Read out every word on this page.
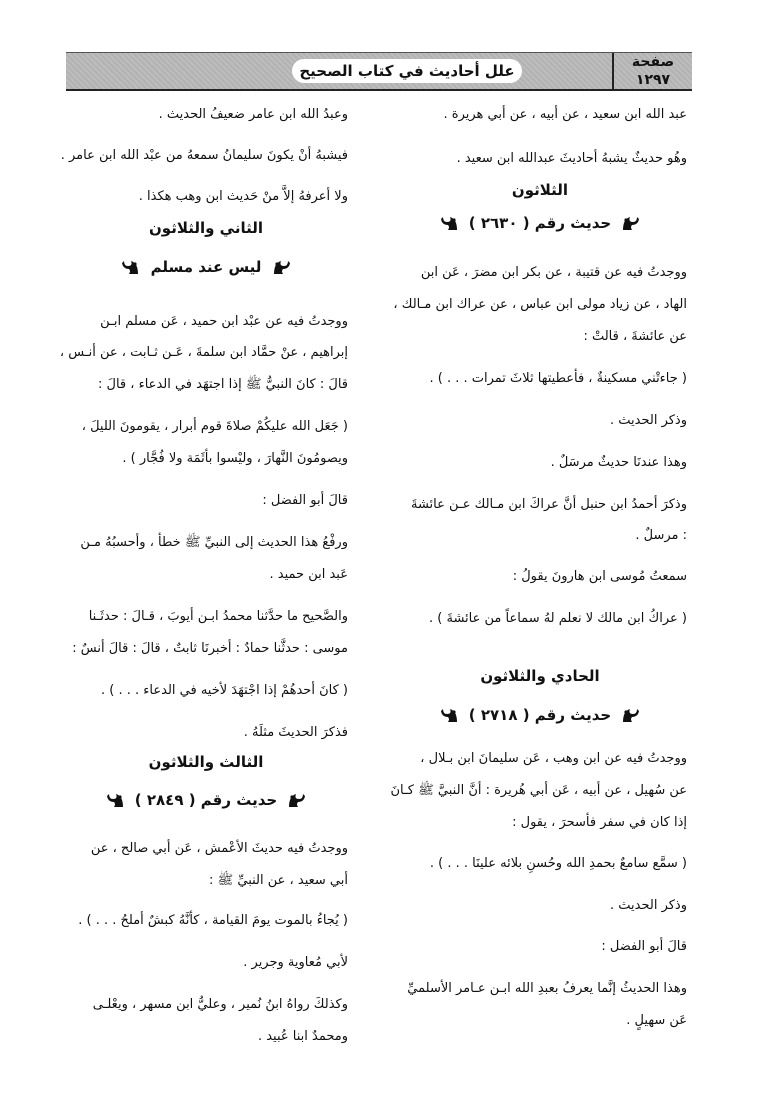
صفحة
١٢٩٧
علل أحاديث في كتاب الصحيح

عبد الله ابن سعيد ، عن أبيه ، عن أبي هريرة .

وهُو حديثٌ يشبهُ أحاديثَ عبدالله ابن سعيد .

الثلاثون
حديث رقم ( ٢٦٣٠ )

ووجدتُ فيه عن قتيبة ، عن بكر ابن مضرَ ، عَن ابن

الهاد ، عن زياد مولى ابن عباس ، عن عراك ابن مـالك ،

عن عائشةَ ، قالتْ :

( جاءتْني مسكينةٌ ، فأعطيتها ثلاثَ تمرات . . . ) .

وذكر الحديث .

وهذا عندنَا حديثٌ مرسَلٌ .

وذكرَ أحمدُ ابن حنبل أنَّ عراكَ ابن مـالك عـن عائشةَ

: مرسلٌ .

سمعتُ مُوسى ابن هارونَ يقولُ :

( عراكُ ابن مالك لا نعلم لهُ سماعاً من عائشةَ ) .

الحادي والثلاثون
حديث رقم ( ٢٧١٨ )

ووجدتُ فيه عن ابن وهب ، عَن سليمانَ ابن بـلال ،

عن سُهيل ، عن أبيه ، عَن أبي هُريرة : أنَّ النبيَّ ﷺ كـانَ

إذا كان في سفر فأسحرَ ، يقول :

( سمَّع سامعٌ بحمدِ الله وحُسنِ بلائه علينَا . . . ) .

وذكر الحديث .

قالَ أبو الفضل :

وهذا الحديثُ إنَّما يعرفُ بعبدِ الله ابـن عـامر الأسلميِّ

عَن سهيلٍ .

وعبدُ الله ابن عامر ضعيفُ الحديث .

فيشبهُ أنْ يكونَ سليمانُ سمعهُ من عبْد الله ابن عامر .

ولا أعرفهُ إلاَّ منْ حَديث ابن وهب هكذا .

الثاني والثلاثون
ليس عند مسلم

ووجدتُ فيه عن عبْد ابن حميد ، عَن مسلم ابـن

إبراهيم ، عنْ حمَّاد ابن سلمةَ ، عَـن ثـابت ، عن أنـس ،

قالَ : كانَ النبيُّ ﷺ إذا اجتهَد في الدعاء ، قالَ :

( جَعَل الله عليكُمْ صلاةَ قوم أبرار ، يقومونَ الليلَ ،

ويصومُونَ النَّهارَ ، وليْسوا بأثَمَة ولا فُجَّار ) .

قالَ أبو الفضل :

ورفْعُ هذا الحديث إلى النبيِّ ﷺ خطأ ، وأحسبُهُ مـن

عَبد ابن حميد .

والصَّحيح ما حدَّثنا محمدُ ابـن أيوبَ ، قـالَ : حدثَـنا

موسى : حدثَّنا حمادٌ : أخبرنَا ثابتٌ ، قالَ : قالَ أنسٌ :

( كانَ أحدهُمْ إذا اجْتهَدَ لأخيه في الدعاء . . . ) .

فذكرَ الحديثَ مثلَهُ .

الثالث والثلاثون
حديث رقم ( ٢٨٤٩ )

ووجدتُ فيه حديثَ الأعْمش ، عَن أبي صالح ، عن

أبي سعيد ، عن النبيِّ ﷺ :

( يُجاءُ بالموت يومَ القيامة ، كأنَّهُ كبشٌ أملحُ . . . ) .

لأبي مُعاوية وجرير .

وكذلكَ رواهُ ابنُ نُمير ، وعليُّ ابن مسهر ، ويعْلـى

ومحمدٌ ابنا عُبيد .
